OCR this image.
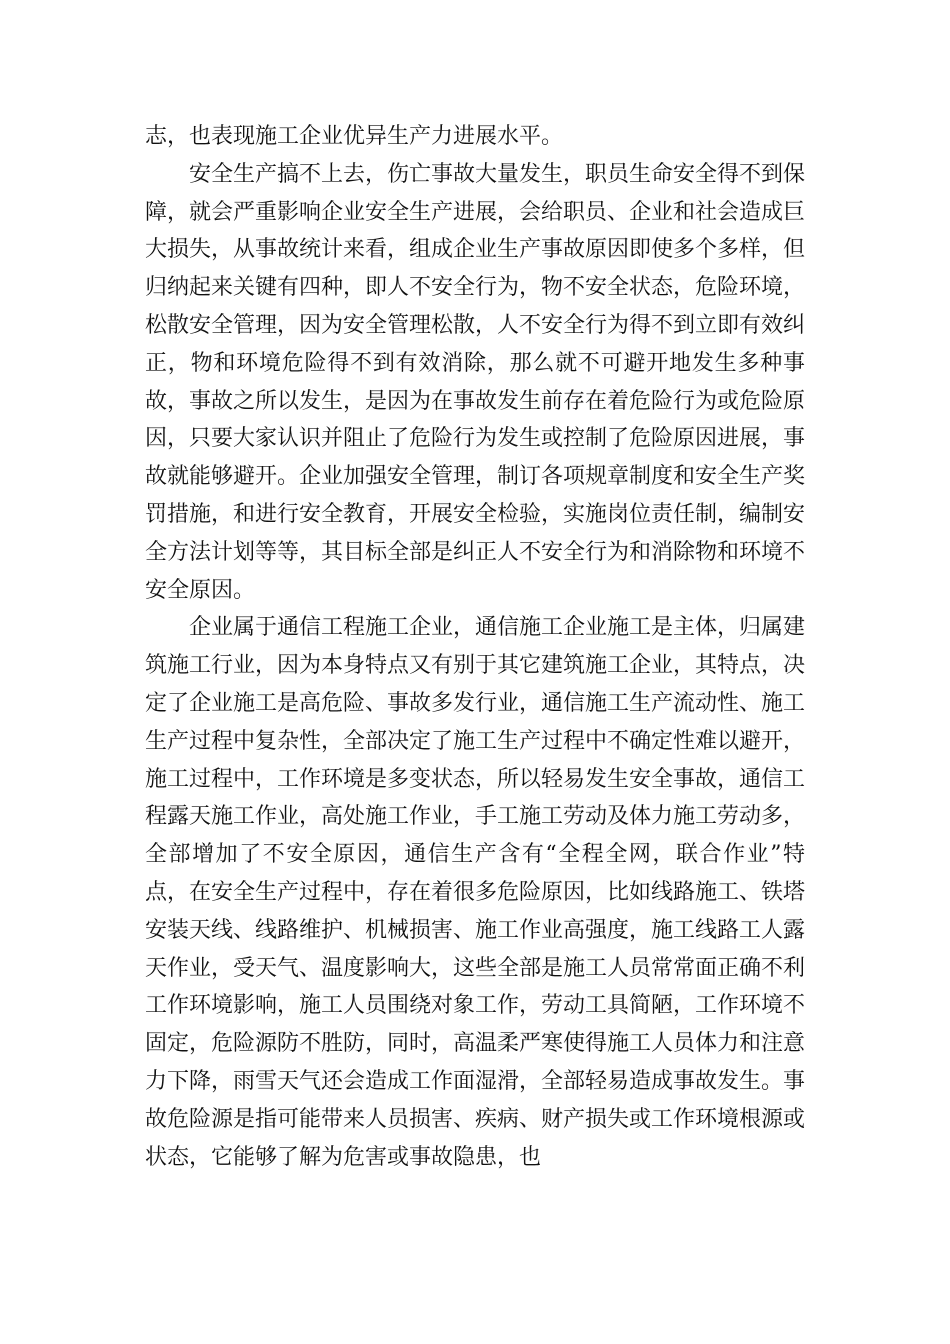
志，也表现施工企业优异生产力进展水平。

安全生产搞不上去，伤亡事故大量发生，职员生命安全得不到保障，就会严重影响企业安全生产进展，会给职员、企业和社会造成巨大损失，从事故统计来看，组成企业生产事故原因即使多个多样，但归纳起来关键有四种，即人不安全行为，物不安全状态，危险环境，松散安全管理，因为安全管理松散，人不安全行为得不到立即有效纠正，物和环境危险得不到有效消除，那么就不可避开地发生多种事故，事故之所以发生，是因为在事故发生前存在着危险行为或危险原因，只要大家认识并阻止了危险行为发生或控制了危险原因进展，事故就能够避开。企业加强安全管理，制订各项规章制度和安全生产奖罚措施，和进行安全教育，开展安全检验，实施岗位责任制，编制安全方法计划等等，其目标全部是纠正人不安全行为和消除物和环境不安全原因。

企业属于通信工程施工企业，通信施工企业施工是主体，归属建筑施工行业，因为本身特点又有别于其它建筑施工企业，其特点，决定了企业施工是高危险、事故多发行业，通信施工生产流动性、施工生产过程中复杂性，全部决定了施工生产过程中不确定性难以避开，施工过程中，工作环境是多变状态，所以轻易发生安全事故，通信工程露天施工作业，高处施工作业，手工施工劳动及体力施工劳动多，全部增加了不安全原因，通信生产含有“全程全网，联合作业”特点，在安全生产过程中，存在着很多危险原因，比如线路施工、铁塔安装天线、线路维护、机械损害、施工作业高强度，施工线路工人露天作业，受天气、温度影响大，这些全部是施工人员常常面正确不利工作环境影响，施工人员围绕对象工作，劳动工具简陋，工作环境不固定，危险源防不胜防，同时，高温柔严寒使得施工人员体力和注意力下降，雨雪天气还会造成工作面湿滑，全部轻易造成事故发生。事故危险源是指可能带来人员损害、疾病、财产损失或工作环境根源或状态，它能够了解为危害或事故隐患，也
